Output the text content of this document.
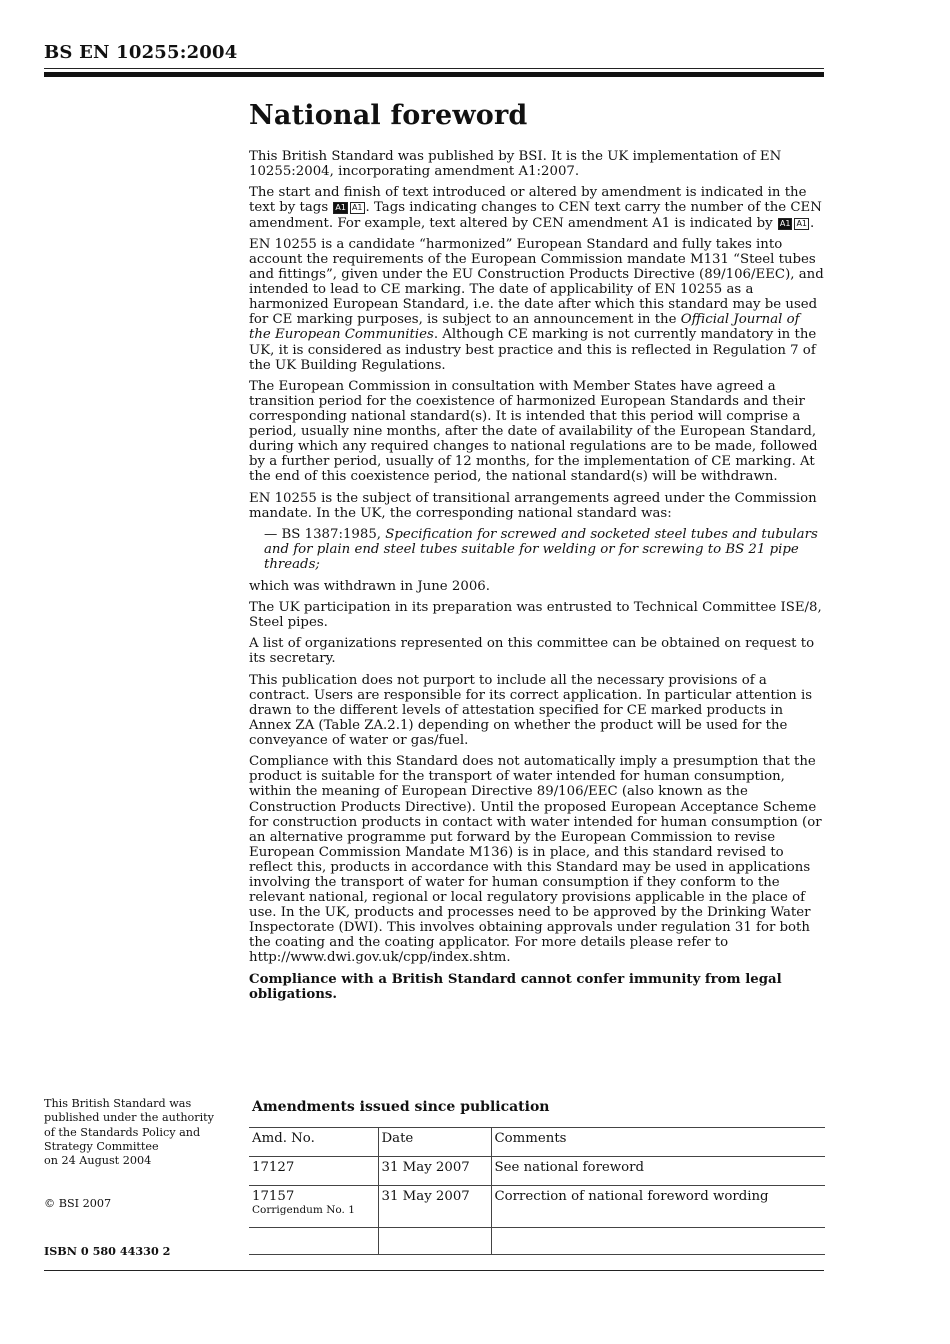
BS EN 10255:2004
National foreword

This British Standard was published by BSI. It is the UK implementation of EN 10255:2004, incorporating amendment A1:2007.

The start and finish of text introduced or altered by amendment is indicated in the text by tags A1 A1 . Tags indicating changes to CEN text carry the number of the CEN amendment. For example, text altered by CEN amendment A1 is indicated by A1 A1 .

EN 10255 is a candidate “harmonized” European Standard and fully takes into account the requirements of the European Commission mandate M131 “Steel tubes and fittings”, given under the EU Construction Products Directive (89/106/EEC), and intended to lead to CE marking. The date of applicability of EN 10255 as a harmonized European Standard, i.e. the date after which this standard may be used for CE marking purposes, is subject to an announcement in the Official Journal of the European Communities. Although CE marking is not currently mandatory in the UK, it is considered as industry best practice and this is reflected in Regulation 7 of the UK Building Regulations.

The European Commission in consultation with Member States have agreed a transition period for the coexistence of harmonized European Standards and their corresponding national standard(s). It is intended that this period will comprise a period, usually nine months, after the date of availability of the European Standard, during which any required changes to national regulations are to be made, followed by a further period, usually of 12 months, for the implementation of CE marking. At the end of this coexistence period, the national standard(s) will be withdrawn.

EN 10255 is the subject of transitional arrangements agreed under the Commission mandate. In the UK, the corresponding national standard was:

— BS 1387:1985, Specification for screwed and socketed steel tubes and tubulars and for plain end steel tubes suitable for welding or for screwing to BS 21 pipe threads;

which was withdrawn in June 2006.

The UK participation in its preparation was entrusted to Technical Committee ISE/8, Steel pipes.

A list of organizations represented on this committee can be obtained on request to its secretary.

This publication does not purport to include all the necessary provisions of a contract. Users are responsible for its correct application. In particular attention is drawn to the different levels of attestation specified for CE marked products in Annex ZA (Table ZA.2.1) depending on whether the product will be used for the conveyance of water or gas/fuel.

Compliance with this Standard does not automatically imply a presumption that the product is suitable for the transport of water intended for human consumption, within the meaning of European Directive 89/106/EEC (also known as the Construction Products Directive). Until the proposed European Acceptance Scheme for construction products in contact with water intended for human consumption (or an alternative programme put forward by the European Commission to revise European Commission Mandate M136) is in place, and this standard revised to reflect this, products in accordance with this Standard may be used in applications involving the transport of water for human consumption if they conform to the relevant national, regional or local regulatory provisions applicable in the place of use. In the UK, products and processes need to be approved by the Drinking Water Inspectorate (DWI). This involves obtaining approvals under regulation 31 for both the coating and the coating applicator. For more details please refer to http://www.dwi.gov.uk/cpp/index.shtm.

Compliance with a British Standard cannot confer immunity from legal obligations.

This British Standard was
published under the authority
of the Standards Policy and
Strategy Committee
on 24 August 2004
© BSI 2007
ISBN 0 580 44330 2
Amendments issued since publication
Amd. No.	Date	Comments
17127	31 May 2007	See national foreword
17157
Corrigendum No. 1	31 May 2007	Correction of national foreword wording
